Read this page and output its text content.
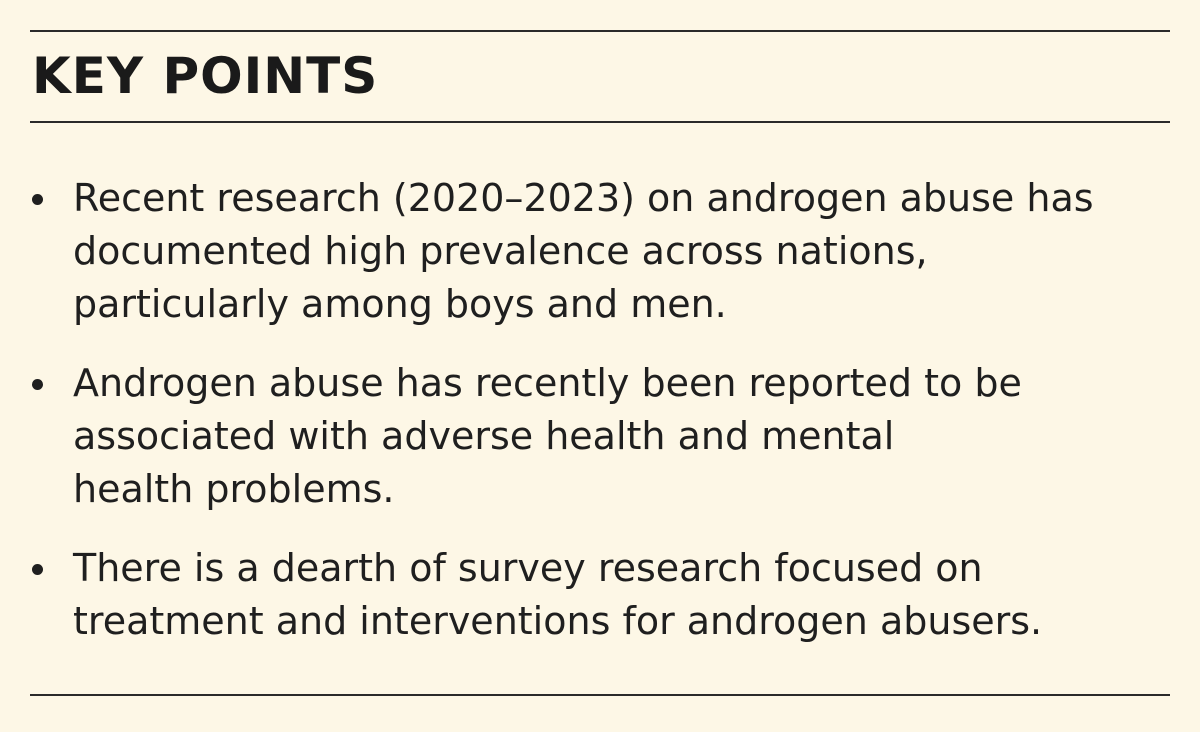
KEY POINTS
Recent research (2020–2023) on androgen abuse has
documented high prevalence across nations,
particularly among boys and men.
Androgen abuse has recently been reported to be
associated with adverse health and mental
health problems.
There is a dearth of survey research focused on
treatment and interventions for androgen abusers.
